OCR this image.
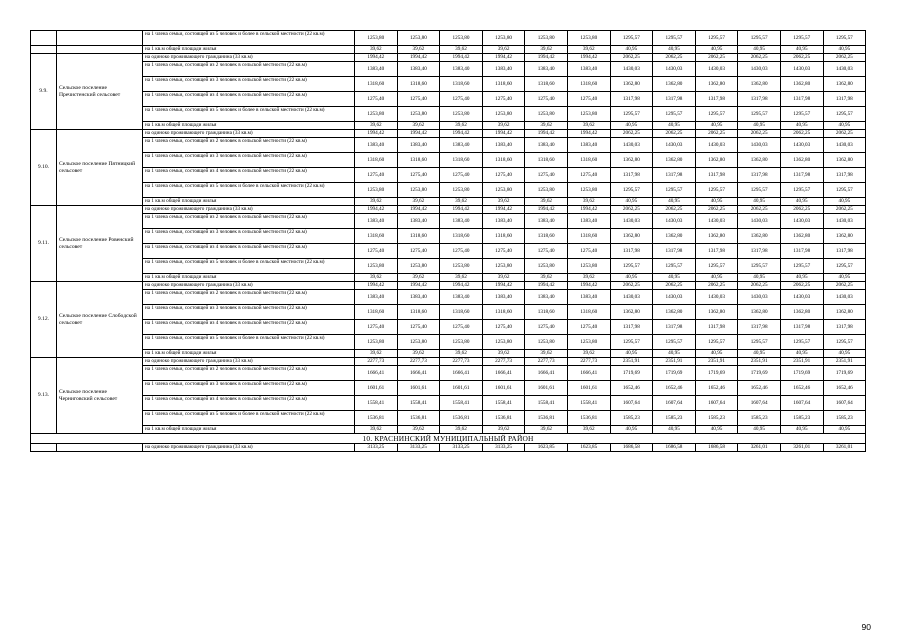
		на 1 члена семьи, состоящей из 5 человек и более в сельской местности (22 кв.м)	1253,80	1253,80	1253,80	1253,80	1253,80	1253,80	1295,57	1295,57	1295,57	1295,57	1295,57	1295,57
		на 1 кв.м общей площади жилья	39,62	39,62	39,62	39,62	39,62	39,62	40,95	40,95	40,95	40,95	40,95	40,95
9.9.	Сельское поселение Пречистенский сельсовет	на одиноко проживающего гражданина (33 кв.м)	1994,42	1994,42	1994,42	1994,42	1994,42	1994,42	2062,25	2062,25	2062,25	2062,25	2062,25	2062,25
		на 1 члена семьи, состоящей из 2 человек в сельской местности (22 кв.м)	1383,40	1383,40	1383,40	1383,40	1383,40	1383,40	1430,03	1430,03	1430,03	1430,03	1430,03	1430,03
		на 1 члена семьи, состоящей из 3 человек в сельской местности (22 кв.м)	1318,60	1318,60	1318,60	1318,60	1318,60	1318,60	1362,80	1362,80	1362,80	1362,80	1362,80	1362,80
		на 1 члена семьи, состоящей из 4 человек в сельской местности (22 кв.м)	1275,40	1275,40	1275,40	1275,40	1275,40	1275,40	1317,98	1317,98	1317,98	1317,98	1317,98	1317,98
		на 1 члена семьи, состоящей из 5 человек и более в сельской местности (22 кв.м)	1253,80	1253,80	1253,80	1253,80	1253,80	1253,80	1295,57	1295,57	1295,57	1295,57	1295,57	1295,57
		на 1 кв.м общей площади жилья	39,62	39,62	39,62	39,62	39,62	39,62	40,95	40,95	40,95	40,95	40,95	40,95
9.10.	Сельское поселение Пятницкий сельсовет	на одиноко проживающего гражданина (33 кв.м)	1994,42	1994,42	1994,42	1994,42	1994,42	1994,42	2062,25	2062,25	2062,25	2062,25	2062,25	2062,25
		на 1 члена семьи, состоящей из 2 человек в сельской местности (22 кв.м)	1383,40	1383,40	1383,40	1383,40	1383,40	1383,40	1430,03	1430,03	1430,03	1430,03	1430,03	1430,03
		на 1 члена семьи, состоящей из 3 человек в сельской местности (22 кв.м)	1318,60	1318,60	1318,60	1318,60	1318,60	1318,60	1362,80	1362,80	1362,80	1362,80	1362,80	1362,80
		на 1 члена семьи, состоящей из 4 человек в сельской местности (22 кв.м)	1275,40	1275,40	1275,40	1275,40	1275,40	1275,40	1317,98	1317,98	1317,98	1317,98	1317,98	1317,98
		на 1 члена семьи, состоящей из 5 человек и более в сельской местности (22 кв.м)	1253,80	1253,80	1253,80	1253,80	1253,80	1253,80	1295,57	1295,57	1295,57	1295,57	1295,57	1295,57
		на 1 кв.м общей площади жилья	39,62	39,62	39,62	39,62	39,62	39,62	40,95	40,95	40,95	40,95	40,95	40,95
9.11.	Сельское поселение Ровенский сельсовет	на одиноко проживающего гражданина (33 кв.м)	1994,42	1994,42	1994,42	1994,42	1994,42	1994,42	2062,25	2062,25	2062,25	2062,25	2062,25	2062,25
		на 1 члена семьи, состоящей из 2 человек в сельской местности (22 кв.м)	1383,40	1383,40	1383,40	1383,40	1383,40	1383,40	1430,03	1430,03	1430,03	1430,03	1430,03	1430,03
		на 1 члена семьи, состоящей из 3 человек в сельской местности (22 кв.м)	1318,60	1318,60	1318,60	1318,60	1318,60	1318,60	1362,80	1362,80	1362,80	1362,80	1362,80	1362,80
		на 1 члена семьи, состоящей из 4 человек в сельской местности (22 кв.м)	1275,40	1275,40	1275,40	1275,40	1275,40	1275,40	1317,98	1317,98	1317,98	1317,98	1317,98	1317,98
		на 1 члена семьи, состоящей из 5 человек и более в сельской местности (22 кв.м)	1253,80	1253,80	1253,80	1253,80	1253,80	1253,80	1295,57	1295,57	1295,57	1295,57	1295,57	1295,57
		на 1 кв.м общей площади жилья	39,62	39,62	39,62	39,62	39,62	39,62	40,95	40,95	40,95	40,95	40,95	40,95
9.12.	Сельское поселение Слободской сельсовет	на одиноко проживающего гражданина (33 кв.м)	1994,42	1994,42	1994,42	1994,42	1994,42	1994,42	2062,25	2062,25	2062,25	2062,25	2062,25	2062,25
		на 1 члена семьи, состоящей из 2 человек в сельской местности (22 кв.м)	1383,40	1383,40	1383,40	1383,40	1383,40	1383,40	1430,03	1430,03	1430,03	1430,03	1430,03	1430,03
		на 1 члена семьи, состоящей из 3 человек в сельской местности (22 кв.м)	1318,60	1318,60	1318,60	1318,60	1318,60	1318,60	1362,80	1362,80	1362,80	1362,80	1362,80	1362,80
		на 1 члена семьи, состоящей из 4 человек в сельской местности (22 кв.м)	1275,40	1275,40	1275,40	1275,40	1275,40	1275,40	1317,98	1317,98	1317,98	1317,98	1317,98	1317,98
		на 1 члена семьи, состоящей из 5 человек и более в сельской местности (22 кв.м)	1253,80	1253,80	1253,80	1253,80	1253,80	1253,80	1295,57	1295,57	1295,57	1295,57	1295,57	1295,57
		на 1 кв.м общей площади жилья	39,62	39,62	39,62	39,62	39,62	39,62	40,95	40,95	40,95	40,95	40,95	40,95
9.13.	Сельское поселение Черниговский сельсовет	на одиноко проживающего гражданина (33 кв.м)	2277,73	2277,73	2277,73	2277,73	2277,73	2277,73	2351,91	2351,91	2351,91	2351,91	2351,91	2351,91
		на 1 члена семьи, состоящей из 2 человек в сельской местности (22 кв.м)	1666,41	1666,41	1666,41	1666,41	1666,41	1666,41	1719,69	1719,69	1719,69	1719,69	1719,69	1719,69
		на 1 члена семьи, состоящей из 3 человек в сельской местности (22 кв.м)	1601,61	1601,61	1601,61	1601,61	1601,61	1601,61	1652,46	1652,46	1652,46	1652,46	1652,46	1652,46
		на 1 члена семьи, состоящей из 4 человек в сельской местности (22 кв.м)	1558,41	1558,41	1558,41	1558,41	1558,41	1558,41	1607,64	1607,64	1607,64	1607,64	1607,64	1607,64
		на 1 члена семьи, состоящей из 5 человек и более в сельской местности (22 кв.м)	1536,81	1536,81	1536,81	1536,81	1536,81	1536,81	1585,23	1585,23	1585,23	1585,23	1585,23	1585,23
		на 1 кв.м общей площади жилья	39,62	39,62	39,62	39,62	39,62	39,62	40,95	40,95	40,95	40,95	40,95	40,95
10. КРАСНИНСКИЙ МУНИЦИПАЛЬНЫЙ РАЙОН														
		на одиноко проживающего гражданина (33 кв.м)	3133,25	3133,25	3133,25	3133,25	1623,85	1623,85	1686,58	1686,58	1686,58	3261,01	3261,01	3261,01
90
